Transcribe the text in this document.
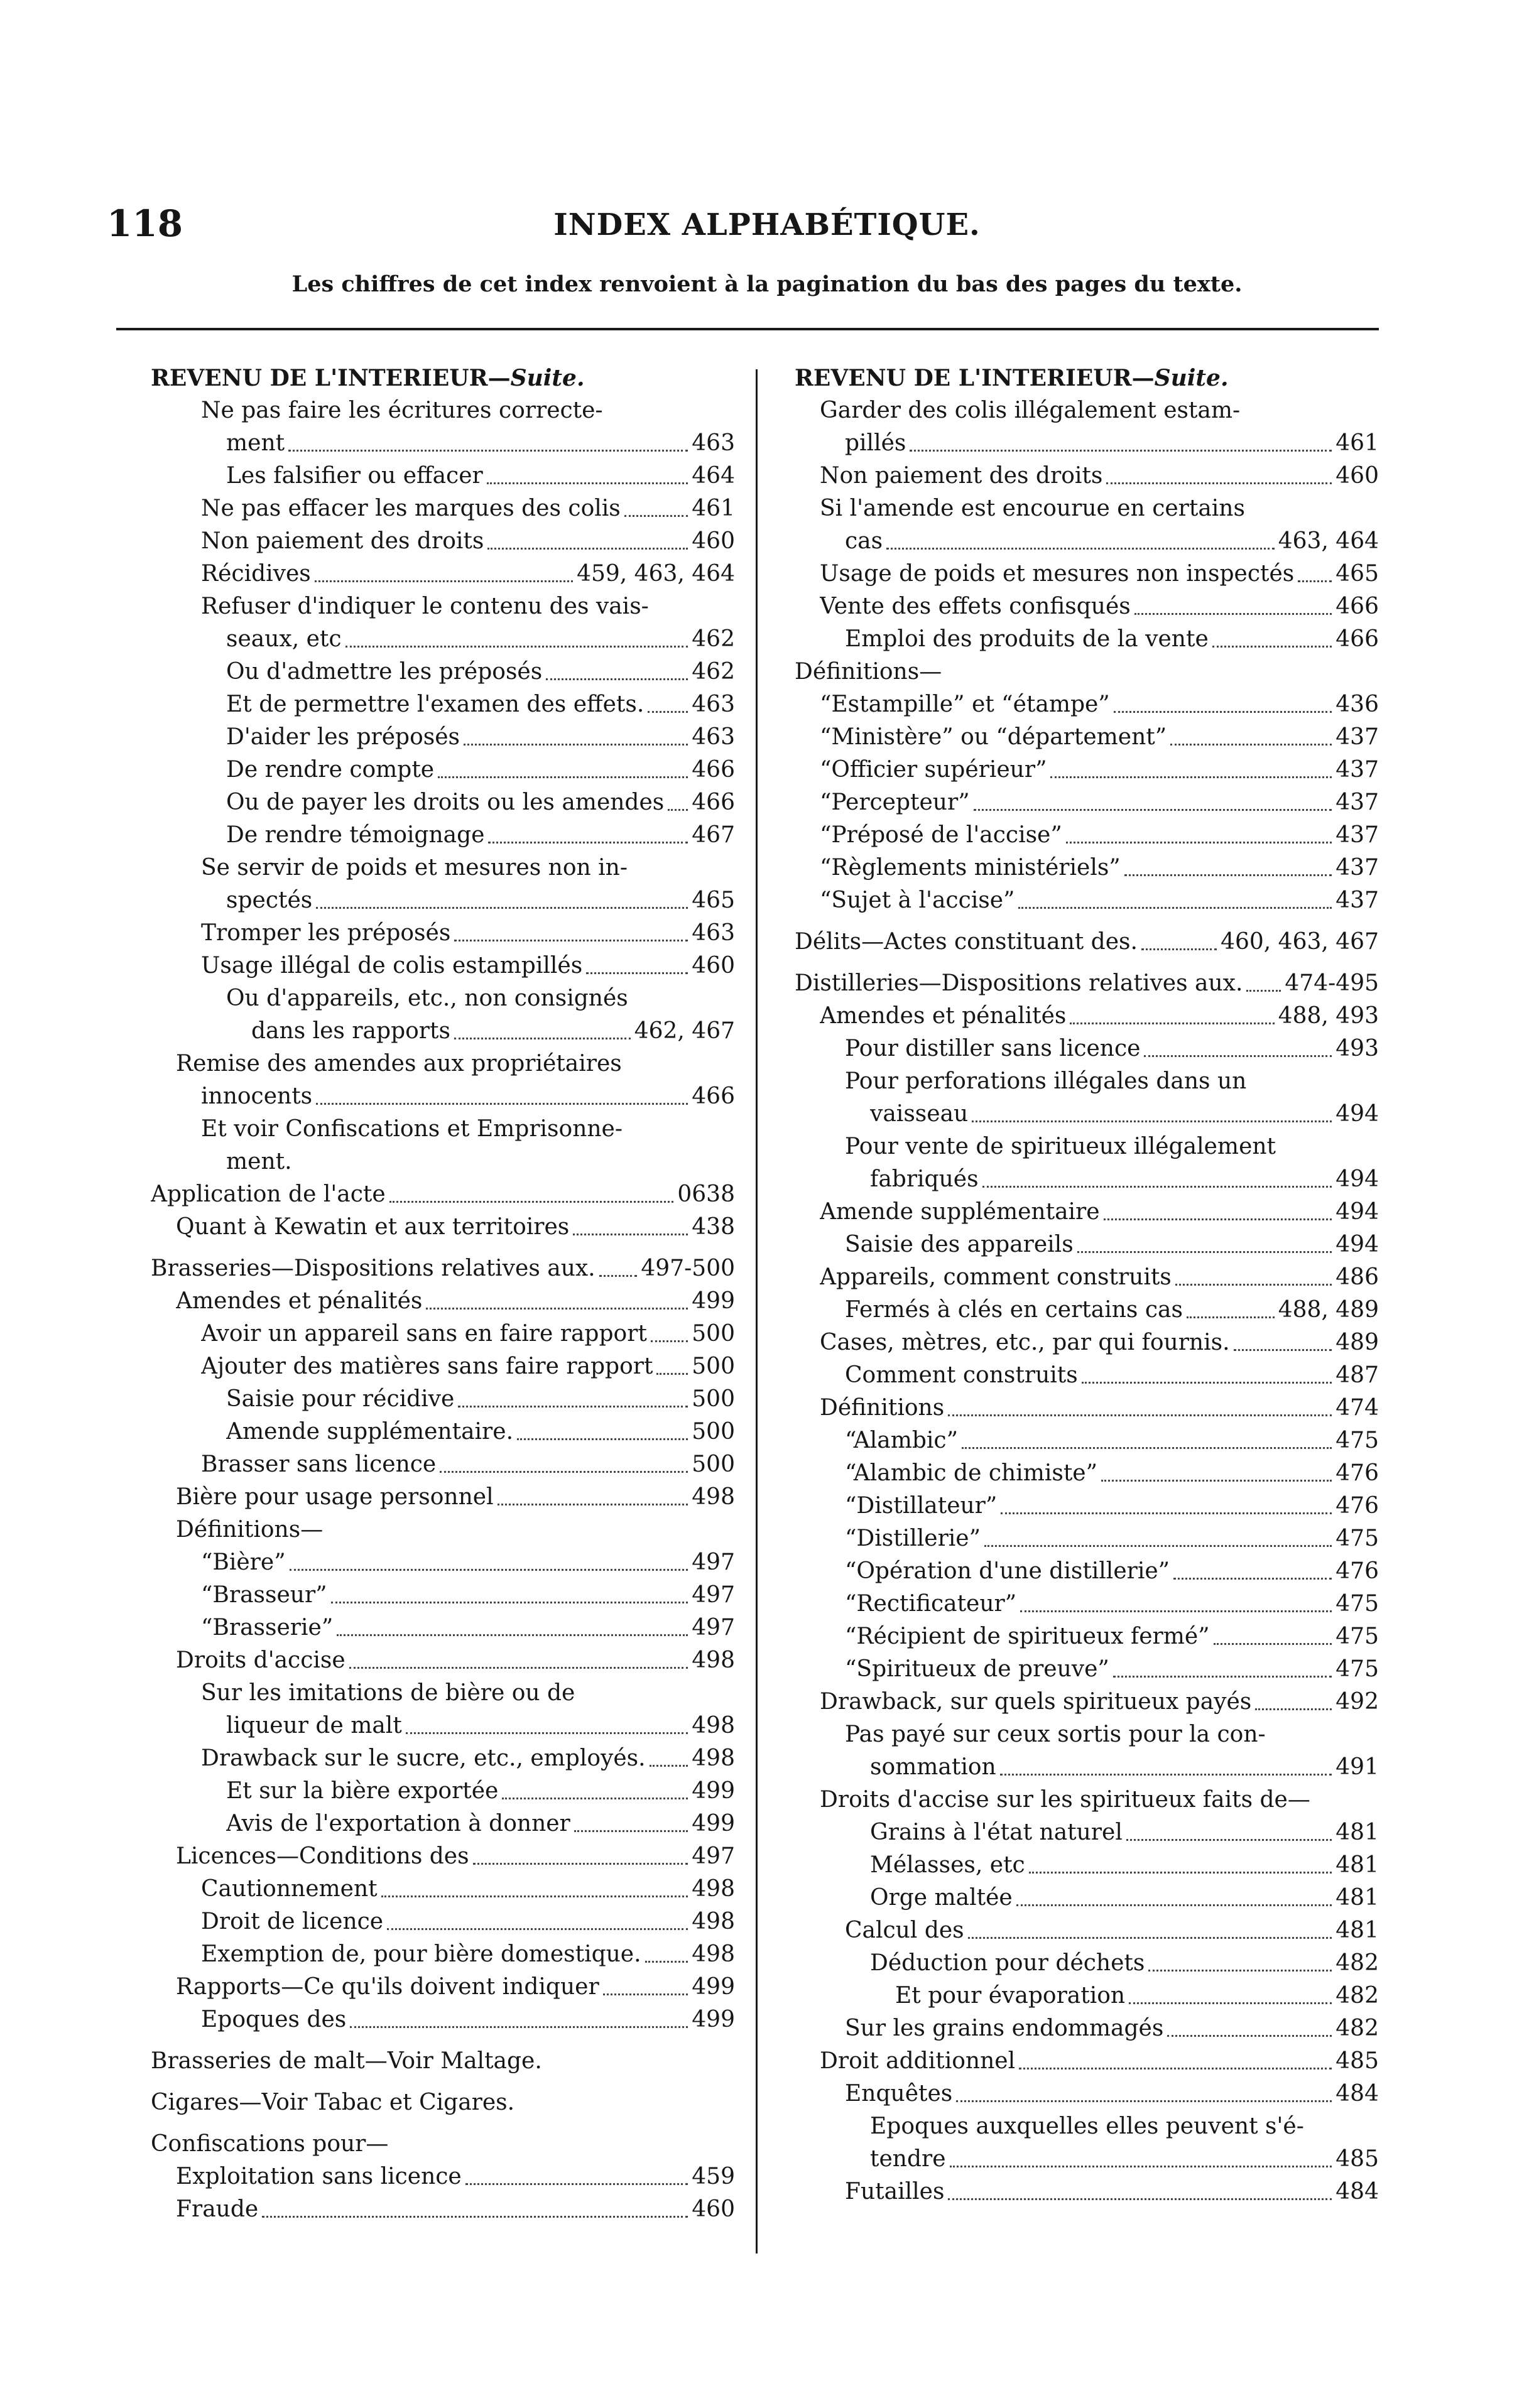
118	INDEX ALPHABÉTIQUE.
Les chiffres de cet index renvoient à la pagination du bas des pages du texte.
REVENU DE L'INTERIEUR—Suite.
Ne pas faire les écritures correcte-
ment	463
Les falsifier ou effacer	464
Ne pas effacer les marques des colis	461
Non paiement des droits	460
Récidives	459, 463, 464
Refuser d'indiquer le contenu des vais-
seaux, etc	462
Ou d'admettre les préposés	462
Et de permettre l'examen des effets. 463
D'aider les préposés	463
De rendre compte	466
Ou de payer les droits ou les amendes 466
De rendre témoignage	467
Se servir de poids et mesures non in-
spectés	465
Tromper les préposés	463
Usage illégal de colis estampillés	460
Ou d'appareils, etc., non consignés
dans les rapports	462, 467
Remise des amendes aux propriétaires
innocents	466
Et voir Confiscations et Emprisonne-
ment.
Application de l'acte	0638
Quant à Kewatin et aux territoires	438
Brasseries—Dispositions relatives aux. 497-500
Amendes et pénalités	499
Avoir un appareil sans en faire rapport 500
Ajouter des matières sans faire rapport 500
Saisie pour récidive	500
Amende supplémentaire.	500
Brasser sans licence	500
Bière pour usage personnel	498
Définitions—
“Bière”	497
“Brasseur”	497
“Brasserie”	497
Droits d'accise	498
Sur les imitations de bière ou de
liqueur de malt	498
Drawback sur le sucre, etc., employés. 498
Et sur la bière exportée	499
Avis de l'exportation à donner	499
Licences—Conditions des	497
Cautionnement	498
Droit de licence	498
Exemption de, pour bière domestique. 498
Rapports—Ce qu'ils doivent indiquer	499
Epoques des	499
Brasseries de malt—Voir Maltage.
Cigares—Voir Tabac et Cigares.
Confiscations pour—
Exploitation sans licence	459
Fraude	460
REVENU DE L'INTERIEUR—Suite.
Garder des colis illégalement estam-
pillés	461
Non paiement des droits	460
Si l'amende est encourue en certains
cas	463, 464
Usage de poids et mesures non inspectés 465
Vente des effets confisqués	466
Emploi des produits de la vente	466
Définitions—
“Estampille” et “étampe”	436
“Ministère” ou “département”	437
“Officier supérieur”	437
“Percepteur”	437
“Préposé de l'accise”	437
“Règlements ministériels”	437
“Sujet à l'accise”	437
Délits—Actes constituant des.	460, 463, 467
Distilleries—Dispositions relatives aux. 474-495
Amendes et pénalités	488, 493
Pour distiller sans licence	493
Pour perforations illégales dans un
vaisseau	494
Pour vente de spiritueux illégalement
fabriqués	494
Amende supplémentaire	494
Saisie des appareils	494
Appareils, comment construits	486
Fermés à clés en certains cas	488, 489
Cases, mètres, etc., par qui fournis.	489
Comment construits	487
Définitions	474
“Alambic”	475
“Alambic de chimiste”	476
“Distillateur”	476
“Distillerie”	475
“Opération d'une distillerie”	476
“Rectificateur”	475
“Récipient de spiritueux fermé”	475
“Spiritueux de preuve”	475
Drawback, sur quels spiritueux payés	492
Pas payé sur ceux sortis pour la con-
sommation	491
Droits d'accise sur les spiritueux faits de—
Grains à l'état naturel	481
Mélasses, etc	481
Orge maltée	481
Calcul des	481
Déduction pour déchets	482
Et pour évaporation	482
Sur les grains endommagés	482
Droit additionnel	485
Enquêtes	484
Epoques auxquelles elles peuvent s'é-
tendre	485
Futailles	484
